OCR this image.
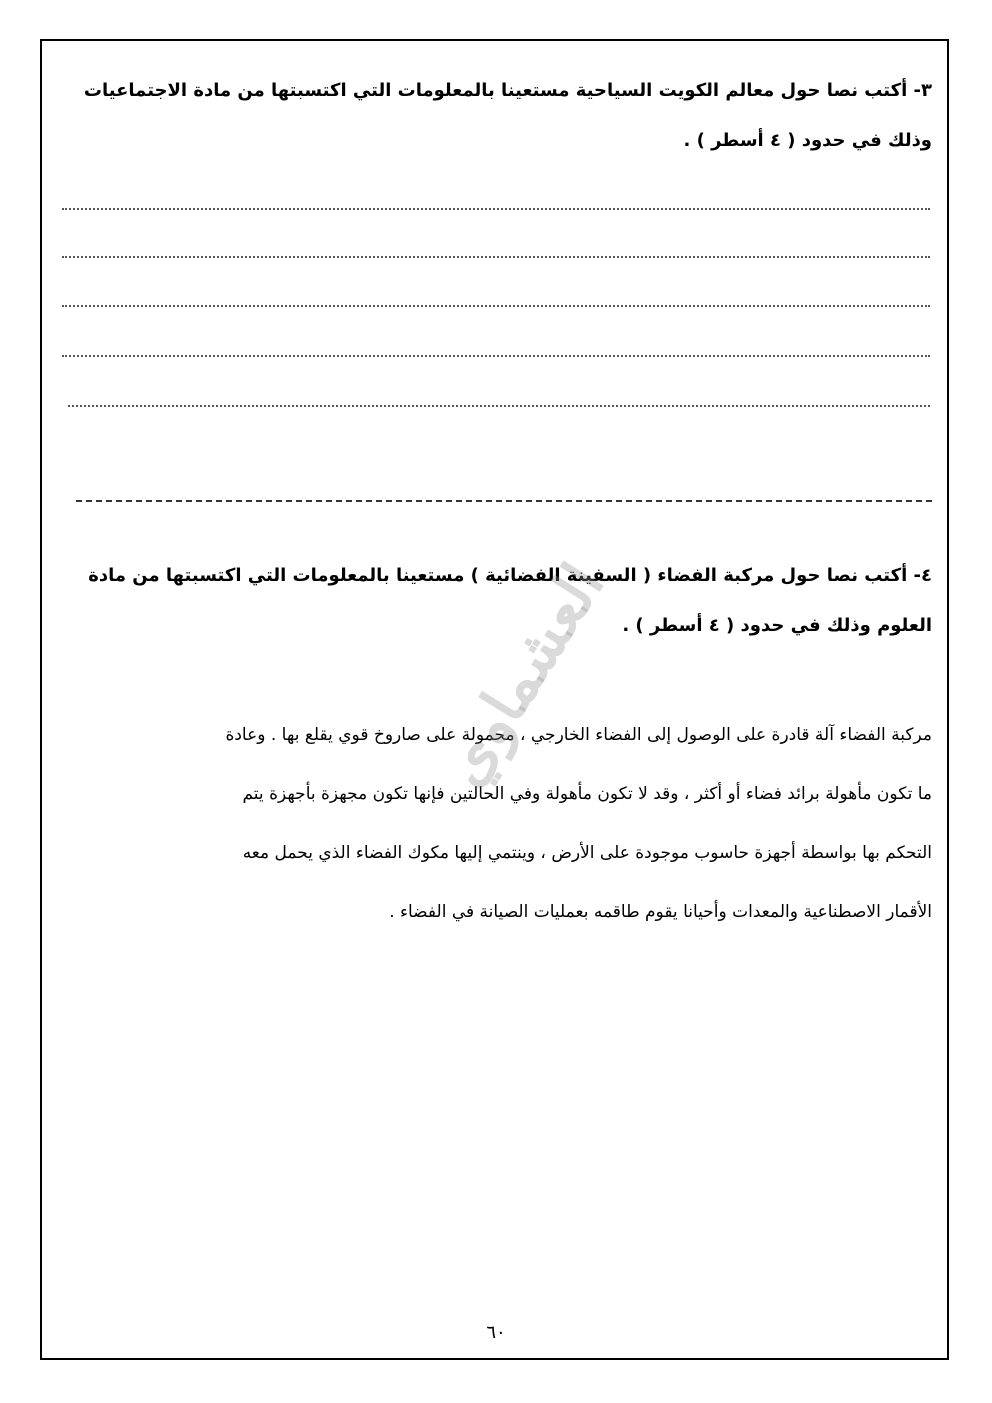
٣- أكتب نصا حول معالم الكويت السياحية مستعينا بالمعلومات التي اكتسبتها من مادة الاجتماعيات
وذلك في حدود ( ٤ أسطر ) .
٤- أكتب نصا حول مركبة الفضاء ( السفينة الفضائية ) مستعينا بالمعلومات التي اكتسبتها من مادة
العلوم وذلك في حدود ( ٤ أسطر ) .
مركبة الفضاء آلة قادرة على الوصول إلى الفضاء الخارجي ، محمولة على صاروخ قوي يقلع بها . وعادة
ما تكون مأهولة برائد فضاء أو أكثر ، وقد لا تكون مأهولة وفي الحالتين فإنها تكون مجهزة بأجهزة يتم
التحكم بها بواسطة أجهزة حاسوب موجودة على الأرض ، وينتمي إليها مكوك الفضاء الذي يحمل معه
الأقمار الاصطناعية والمعدات وأحيانا يقوم طاقمه بعمليات الصيانة في الفضاء .
العشماوي
٦٠
